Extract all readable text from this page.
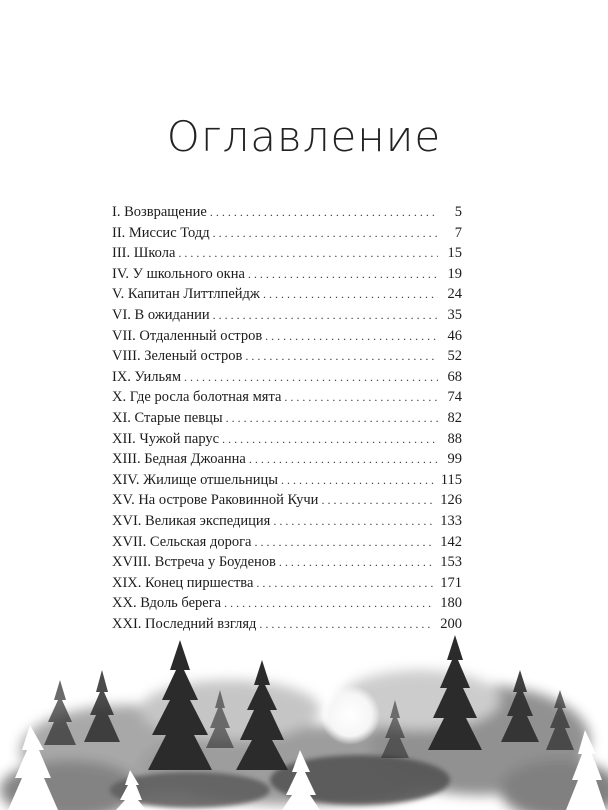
Оглавление
I. Возвращение . . .	5
II. Миссис Тодд . . .	7
III. Школа . . .	15
IV. У школьного окна . . .	19
V. Капитан Литтлпейдж . . .	24
VI. В ожидании . . .	35
VII. Отдаленный остров . . .	46
VIII. Зеленый остров . . .	52
IX. Уильям . . .	68
X. Где росла болотная мята . . .	74
XI. Старые певцы . . .	82
XII. Чужой парус . . .	88
XIII. Бедная Джоанна . . .	99
XIV. Жилище отшельницы . . .	115
XV. На острове Раковинной Кучи . . .	126
XVI. Великая экспедиция . . .	133
XVII. Сельская дорога . . .	142
XVIII. Встреча у Боуденов . . .	153
XIX. Конец пиршества . . .	171
XX. Вдоль берега . . .	180
XXI. Последний взгляд . . .	200
